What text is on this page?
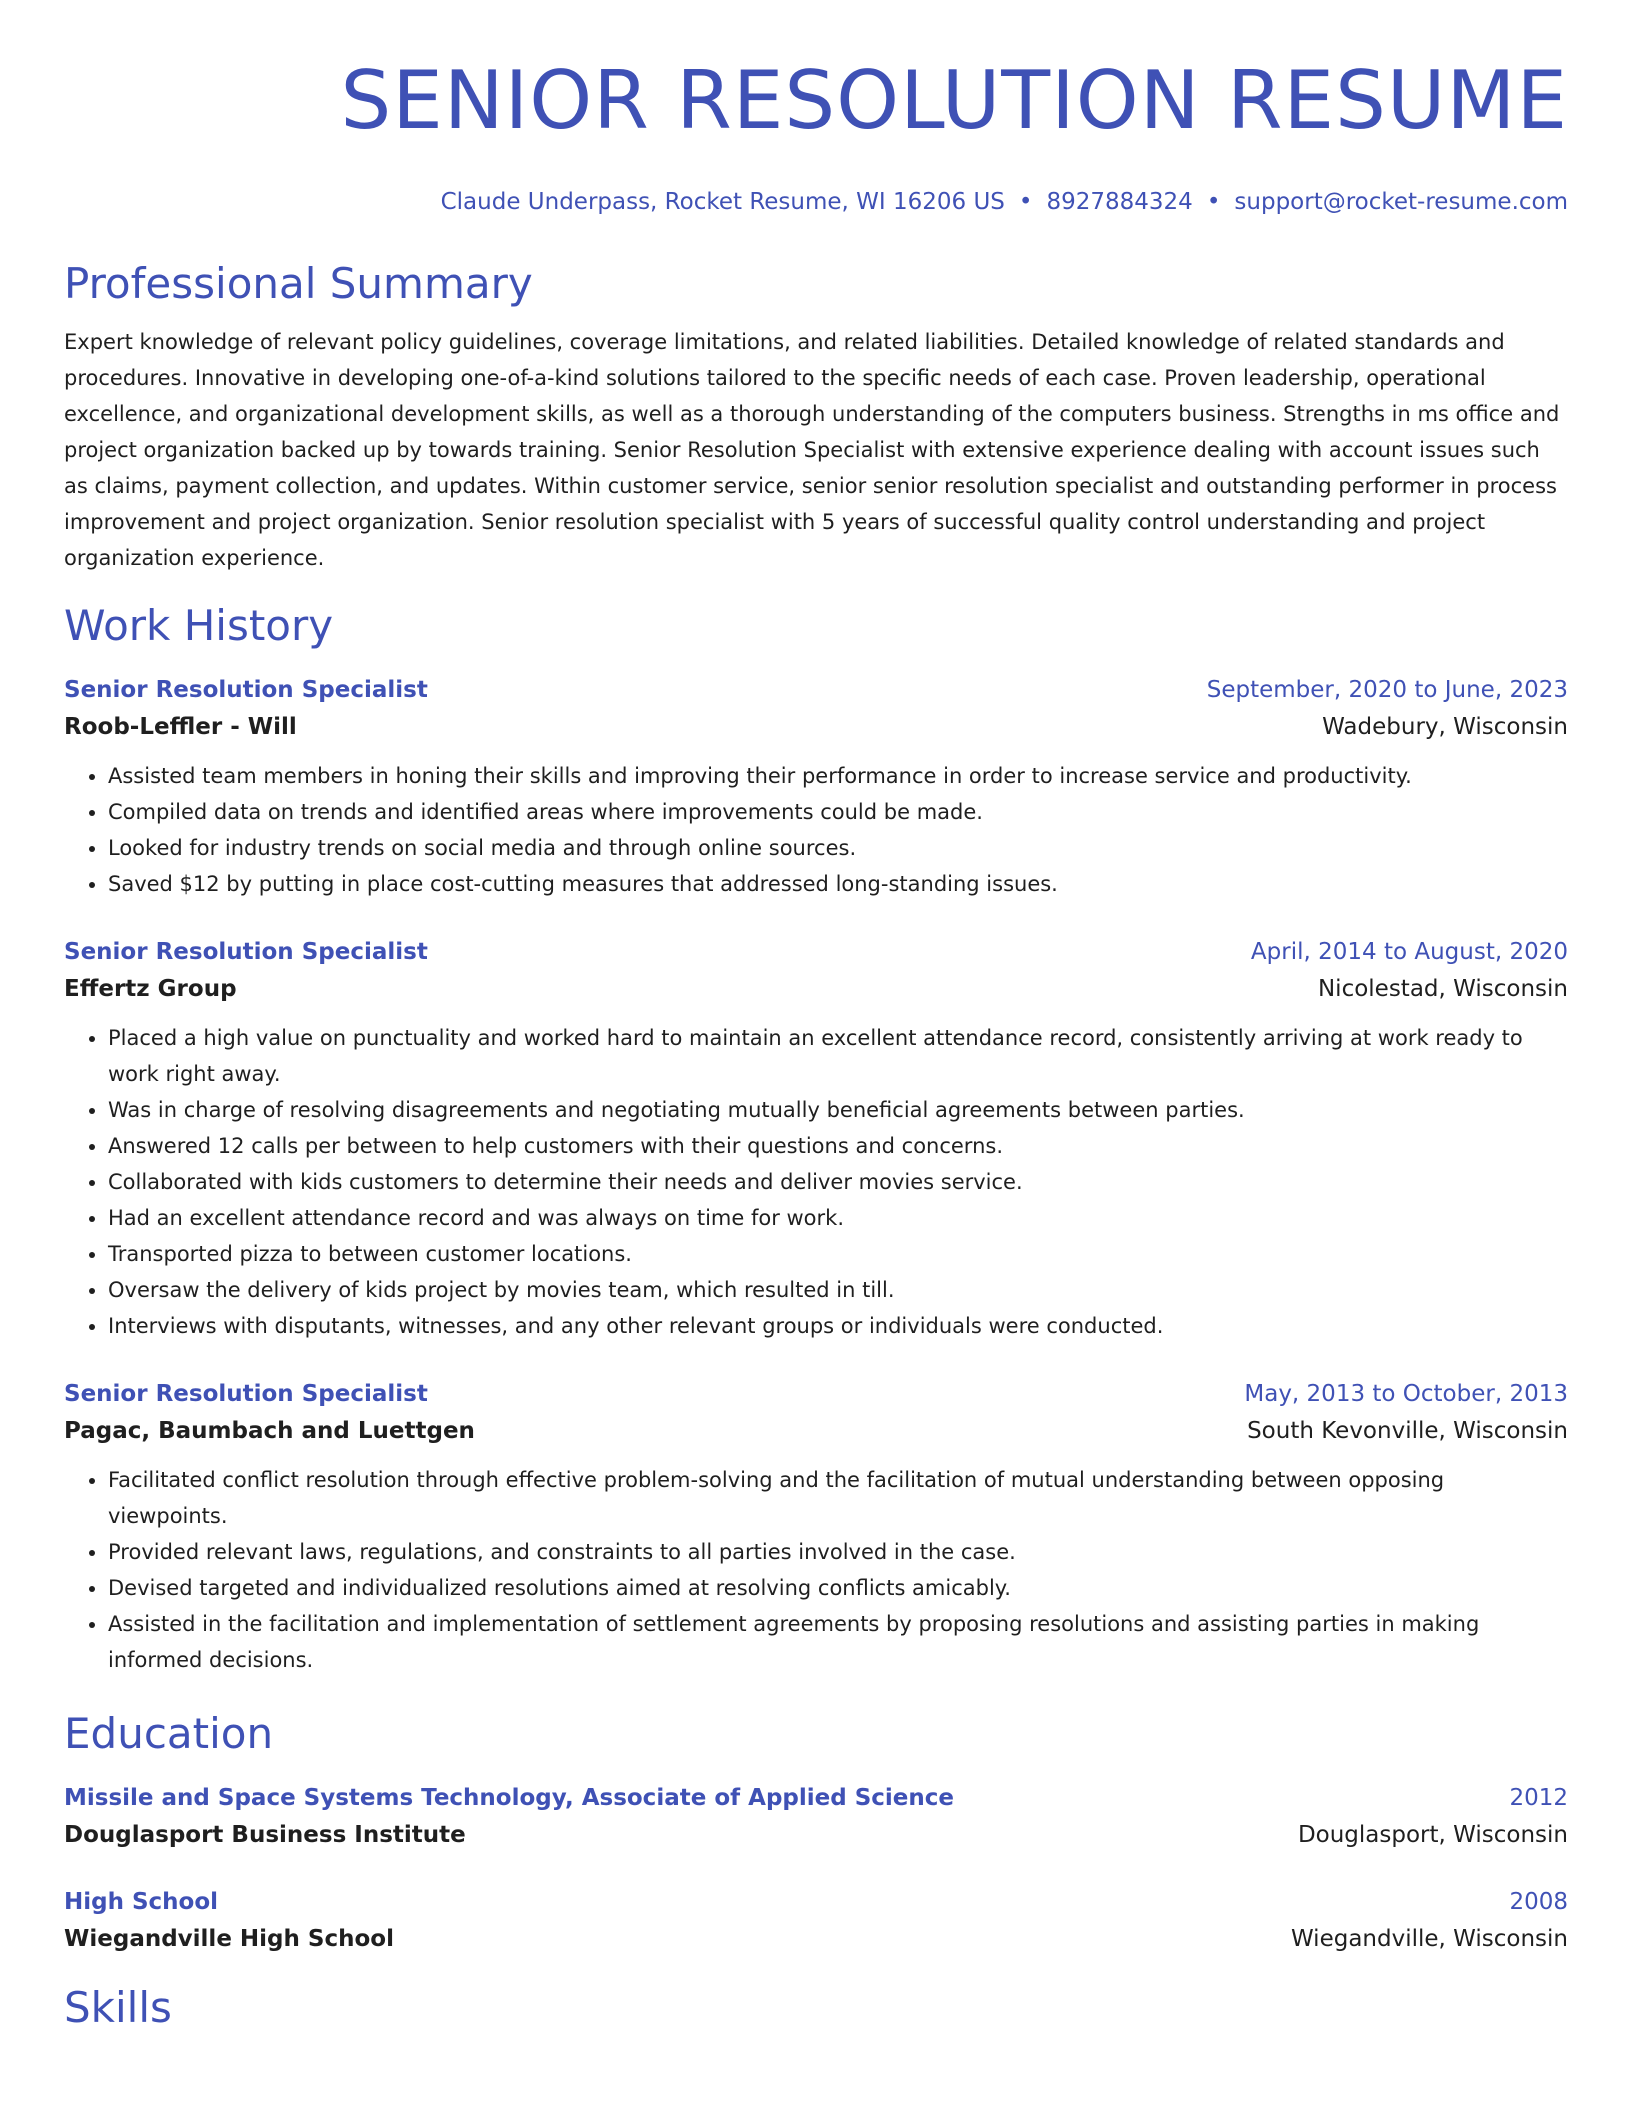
SENIOR RESOLUTION RESUME
Claude Underpass, Rocket Resume, WI 16206 US • 8927884324 • support@rocket-resume.com
Professional Summary
Expert knowledge of relevant policy guidelines, coverage limitations, and related liabilities. Detailed knowledge of related standards and procedures. Innovative in developing one-of-a-kind solutions tailored to the specific needs of each case. Proven leadership, operational excellence, and organizational development skills, as well as a thorough understanding of the computers business. Strengths in ms office and project organization backed up by towards training. Senior Resolution Specialist with extensive experience dealing with account issues such as claims, payment collection, and updates. Within customer service, senior senior resolution specialist and outstanding performer in process improvement and project organization. Senior resolution specialist with 5 years of successful quality control understanding and project organization experience.
Work History
Senior Resolution Specialist	September, 2020 to June, 2023
Roob-Leffler - Will	Wadebury, Wisconsin
• Assisted team members in honing their skills and improving their performance in order to increase service and productivity.
• Compiled data on trends and identified areas where improvements could be made.
• Looked for industry trends on social media and through online sources.
• Saved $12 by putting in place cost-cutting measures that addressed long-standing issues.
Senior Resolution Specialist	April, 2014 to August, 2020
Effertz Group	Nicolestad, Wisconsin
• Placed a high value on punctuality and worked hard to maintain an excellent attendance record, consistently arriving at work ready to work right away.
• Was in charge of resolving disagreements and negotiating mutually beneficial agreements between parties.
• Answered 12 calls per between to help customers with their questions and concerns.
• Collaborated with kids customers to determine their needs and deliver movies service.
• Had an excellent attendance record and was always on time for work.
• Transported pizza to between customer locations.
• Oversaw the delivery of kids project by movies team, which resulted in till.
• Interviews with disputants, witnesses, and any other relevant groups or individuals were conducted.
Senior Resolution Specialist	May, 2013 to October, 2013
Pagac, Baumbach and Luettgen	South Kevonville, Wisconsin
• Facilitated conflict resolution through effective problem-solving and the facilitation of mutual understanding between opposing viewpoints.
• Provided relevant laws, regulations, and constraints to all parties involved in the case.
• Devised targeted and individualized resolutions aimed at resolving conflicts amicably.
• Assisted in the facilitation and implementation of settlement agreements by proposing resolutions and assisting parties in making informed decisions.
Education
Missile and Space Systems Technology, Associate of Applied Science	2012
Douglasport Business Institute	Douglasport, Wisconsin
High School	2008
Wiegandville High School	Wiegandville, Wisconsin
Skills
